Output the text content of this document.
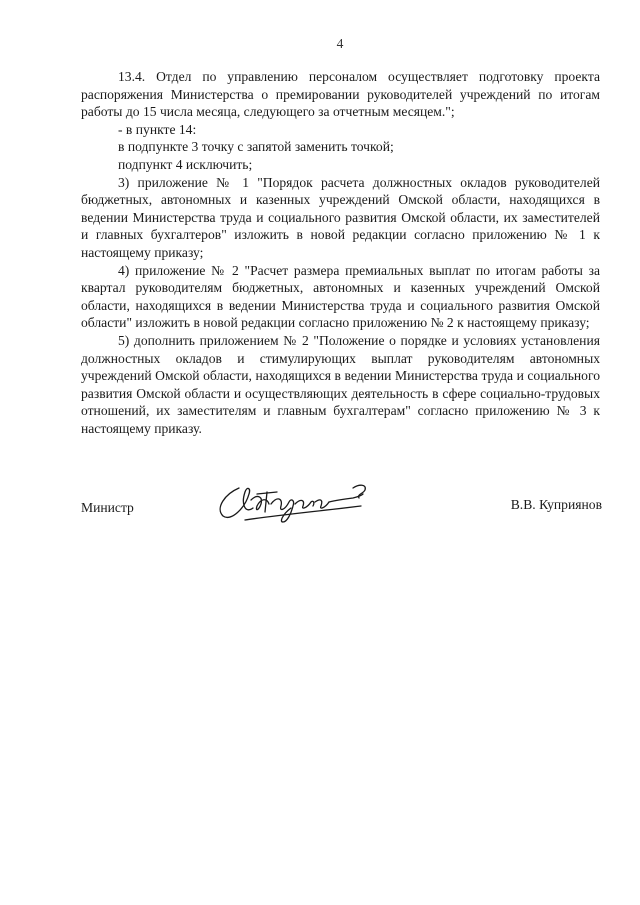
4

13.4. Отдел по управлению персоналом осуществляет подготовку проекта распоряжения Министерства о премировании руководителей учреждений по итогам работы до 15 числа месяца, следующего за отчетным месяцем.";

- в пункте 14:

в подпункте 3 точку с запятой заменить точкой;

подпункт 4 исключить;

3) приложение № 1 "Порядок расчета должностных окладов руководителей бюджетных, автономных и казенных учреждений Омской области, находящихся в ведении Министерства труда и социального развития Омской области, их заместителей и главных бухгалтеров" изложить в новой редакции согласно приложению № 1 к настоящему приказу;

4) приложение № 2 "Расчет размера премиальных выплат по итогам работы за квартал руководителям бюджетных, автономных и казенных учреждений Омской области, находящихся в ведении Министерства труда и социального развития Омской области" изложить в новой редакции согласно приложению № 2 к настоящему приказу;

5) дополнить приложением № 2 "Положение о порядке и условиях установления должностных окладов и стимулирующих выплат руководителям автономных учреждений Омской области, находящихся в ведении Министерства труда и социального развития Омской области и осуществляющих деятельность в сфере социально-трудовых отношений, их заместителям и главным бухгалтерам" согласно приложению № 3 к настоящему приказу.

Министр	В.В. Куприянов
